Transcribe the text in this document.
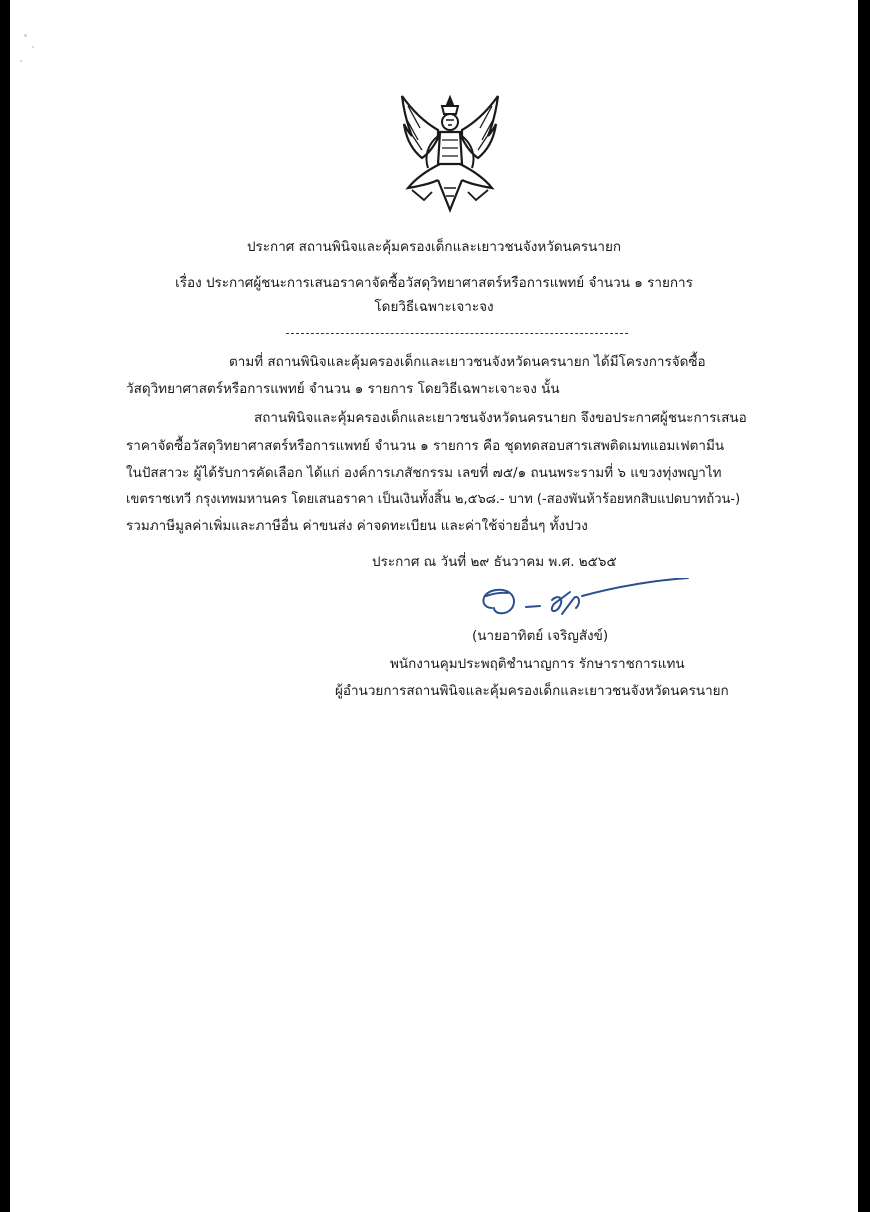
ประกาศ สถานพินิจและคุ้มครองเด็กและเยาวชนจังหวัดนครนายก
เรื่อง ประกาศผู้ชนะการเสนอราคาจัดซื้อวัสดุวิทยาศาสตร์หรือการแพทย์ จำนวน ๑ รายการ
โดยวิธีเฉพาะเจาะจง
ตามที่ สถานพินิจและคุ้มครองเด็กและเยาวชนจังหวัดนครนายก ได้มีโครงการจัดซื้อ
วัสดุวิทยาศาสตร์หรือการแพทย์ จำนวน ๑ รายการ โดยวิธีเฉพาะเจาะจง นั้น
สถานพินิจและคุ้มครองเด็กและเยาวชนจังหวัดนครนายก จึงขอประกาศผู้ชนะการเสนอ
ราคาจัดซื้อวัสดุวิทยาศาสตร์หรือการแพทย์ จำนวน ๑ รายการ คือ ชุดทดสอบสารเสพติดเมทแอมเฟตามีน
ในปัสสาวะ ผู้ได้รับการคัดเลือก ได้แก่ องค์การเภสัชกรรม เลขที่ ๗๕/๑ ถนนพระรามที่ ๖ แขวงทุ่งพญาไท
เขตราชเทวี กรุงเทพมหานคร โดยเสนอราคา เป็นเงินทั้งสิ้น ๒,๕๖๘.- บาท (-สองพันห้าร้อยหกสิบแปดบาทถ้วน-)
รวมภาษีมูลค่าเพิ่มและภาษีอื่น ค่าขนส่ง ค่าจดทะเบียน และค่าใช้จ่ายอื่นๆ ทั้งปวง
ประกาศ ณ วันที่ ๒๙ ธันวาคม พ.ศ. ๒๕๖๕
(นายอาทิตย์ เจริญสังข์)
พนักงานคุมประพฤติชำนาญการ รักษาราชการแทน
ผู้อำนวยการสถานพินิจและคุ้มครองเด็กและเยาวชนจังหวัดนครนายก
